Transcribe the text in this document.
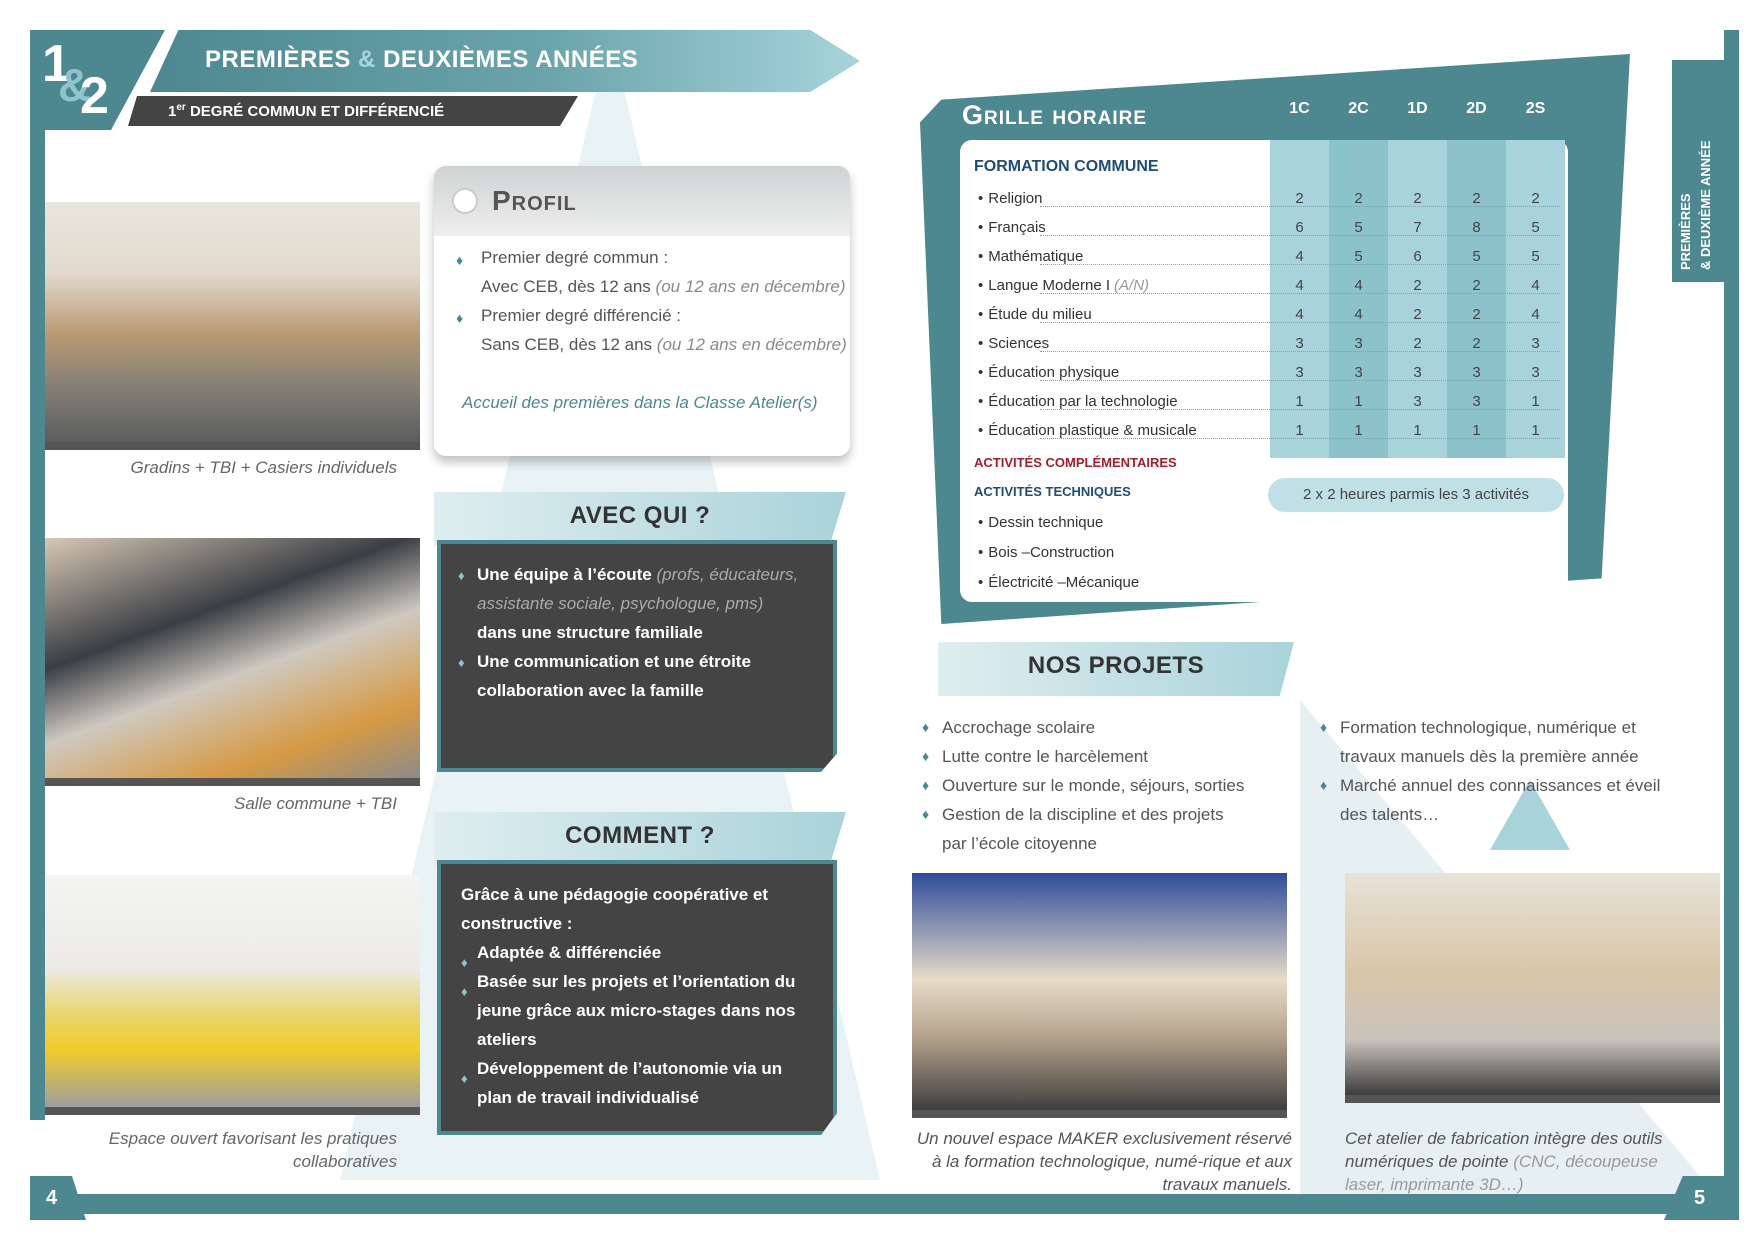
1
&
2
PREMIÈRES & DEUXIÈMES ANNÉES
1er DEGRÉ COMMUN ET DIFFÉRENCIÉ
Gradins + TBI + Casiers individuels
Salle commune + TBI
Espace ouvert favorisant les pratiques collaboratives
Profil
♦ Premier degré commun :
Avec CEB, dès 12 ans (ou 12 ans en décembre)
♦ Premier degré différencié :
Sans CEB, dès 12 ans (ou 12 ans en décembre)
Accueil des premières dans la Classe Atelier(s)
AVEC QUI ?
♦ Une équipe à l’écoute (profs, éducateurs,
assistante sociale, psychologue, pms)
dans une structure familiale
Une communication et une étroite
collaboration avec la famille
♦
COMMENT ?
Grâce à une pédagogie coopérative et
constructive :
Adaptée & différenciée
Basée sur les projets et l’orientation du
jeune grâce aux micro-stages dans nos
ateliers
Développement de l’autonomie via un
plan de travail individualisé
♦
♦
♦
Grille horaire	1C	2C	1D	2D	2S
FORMATION COMMUNE
• Religion	2	2	2	2	2
• Français	6	5	7	8	5
• Mathématique	4	5	6	5	5
• Langue Moderne I (A/N)	4	4	2	2	4
• Étude du milieu	4	4	2	2	4
• Sciences	3	3	2	2	3
• Éducation physique	3	3	3	3	3
• Éducation par la technologie	1	1	3	3	1
• Éducation plastique & musicale	1	1	1	1	1
ACTIVITÉS COMPLÉMENTAIRES
ACTIVITÉS TECHNIQUES	2 x 2 heures parmis les 3 activités
• Dessin technique
• Bois –Construction
• Électricité –Mécanique
NOS PROJETS
♦ Accrochage scolaire
♦ Lutte contre le harcèlement
♦ Ouverture sur le monde, séjours, sorties
♦ Gestion de la discipline et des projets
par l’école citoyenne
♦ Formation technologique, numérique et
travaux manuels dès la première année
♦ Marché annuel des connaissances et éveil
des talents…
Un nouvel espace MAKER exclusivement réservé à la formation technologique, numé-rique et aux travaux manuels.
Cet atelier de fabrication intègre des outils numériques de pointe (CNC, découpeuse laser, imprimante 3D…)
4	5
PREMIÈRES & DEUXIÈME ANNÉE
